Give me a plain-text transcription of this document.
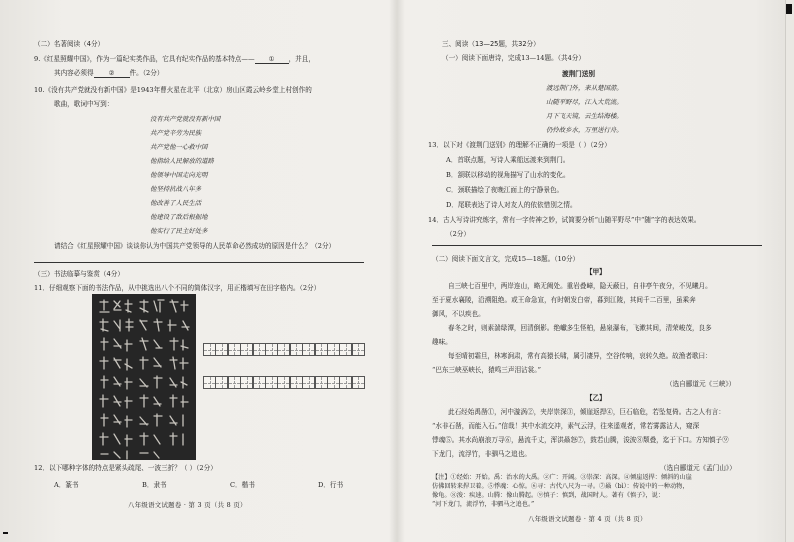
（二）名著阅读（4分）
9.《红星照耀中国》，作为一篇纪实类作品，它具有纪实作品的基本特点—— ① ，并且，
其内容必须得 ② 件。（2分）
10.《没有共产党就没有新中国》是1943年曹火星在北平（北京）房山区霞云岭乡堂上村创作的
歌曲，歌词中写到：
没有共产党就没有新中国
共产党辛劳为民族
共产党他一心救中国
他指给人民解放的道路
他领导中国走向光明
他坚持抗战八年多
他改善了人民生活
他建设了敌后根据地
他实行了民主好处多
请结合《红星照耀中国》谈谈你认为中国共产党领导的人民革命必然成功的原因是什么？（2分）
（三）书法临摹与鉴赏（4分）
11．仔细观察下面的书法作品，从中挑选出八个不同的简体汉字，用正楷填写在田字格内。（2分）
12．以下哪种字体的特点是紧头疏尾、一波三折？（ ）（2分）
A．篆书	B．隶书	C．楷书	D．行书
八年级语文试题卷 · 第 3 页（共 8 页）
三、阅读（13—25题，共32分）
（一）阅读下面唐诗，完成13—14题。（共4分）
渡荆门送别
渡远荆门外，来从楚国游。
山随平野尽，江入大荒流。
月下飞天镜，云生结海楼。
仍怜故乡水，万里送行舟。
13．以下对《渡荆门送别》的理解不正确的一项是（ ）（2分）
A．首联点题，写诗人乘船远渡来到荆门。
B．颔联以移动的视角描写了山水的变化。
C．颈联描绘了夜晚江面上的宁静景色。
D．尾联表达了诗人对友人的依依惜别之情。
14．古人写诗讲究炼字，常有一字传神之妙，试简要分析“山随平野尽”中“随”字的表达效果。
（2分）
（二）阅读下面文言文，完成15—18题。（10分）
【甲】
自三峡七百里中，两岸连山，略无阙处。重岩叠嶂，隐天蔽日，自非亭午夜分，不见曦月。
至于夏水襄陵，沿溯阻绝。或王命急宣，有时朝发白帝，暮到江陵，其间千二百里，虽乘奔
御风，不以疾也。
春冬之时，则素湍绿潭，回清倒影。绝巘多生怪柏，悬泉瀑布，飞漱其间，清荣峻茂，良多
趣味。
每至晴初霜旦，林寒涧肃，常有高猿长啸，属引凄异，空谷传响，哀转久绝。故渔者歌曰：
“巴东三峡巫峡长，猿鸣三声泪沾裳。”
（选自郦道元《三峡》）
【乙】
此石经始禹凿①，河中漩涡②，夹岸崇深③，倾崖返捍④，巨石临危，若坠复倚。古之人有言：
“水非石凿，而能入石。”信哉！其中水流交冲，素气云浮，往来遥观者，常若雾露沾人，窥深
悸魂⑤。其水尚崩浪万寻⑥，悬流千丈，浑洪赑怒⑦，鼓若山腾，浚波⑧颓叠，迄于下口。方知慎子⑨
下龙门，流浮竹，非驷马之追也。
（选自郦道元《孟门山》）
【注】①经始：开始。禹：治水的大禹。②广：开阔。③崇深：高深。④倾崖返捍：倾斜的山崖
仿佛回转来捍卫着。⑤悸魂：心惊。⑥寻：古代八尺为一寻。⑦赑（bì）：传说中的一种动物，
像龟。⑧浚：疾速。山腾：像山腾起。⑨慎子：慎到，战国时人。著有《慎子》，说：
“河下龙门，流浮竹，非驷马之追也。”
八年级语文试题卷 · 第 4 页（共 8 页）
